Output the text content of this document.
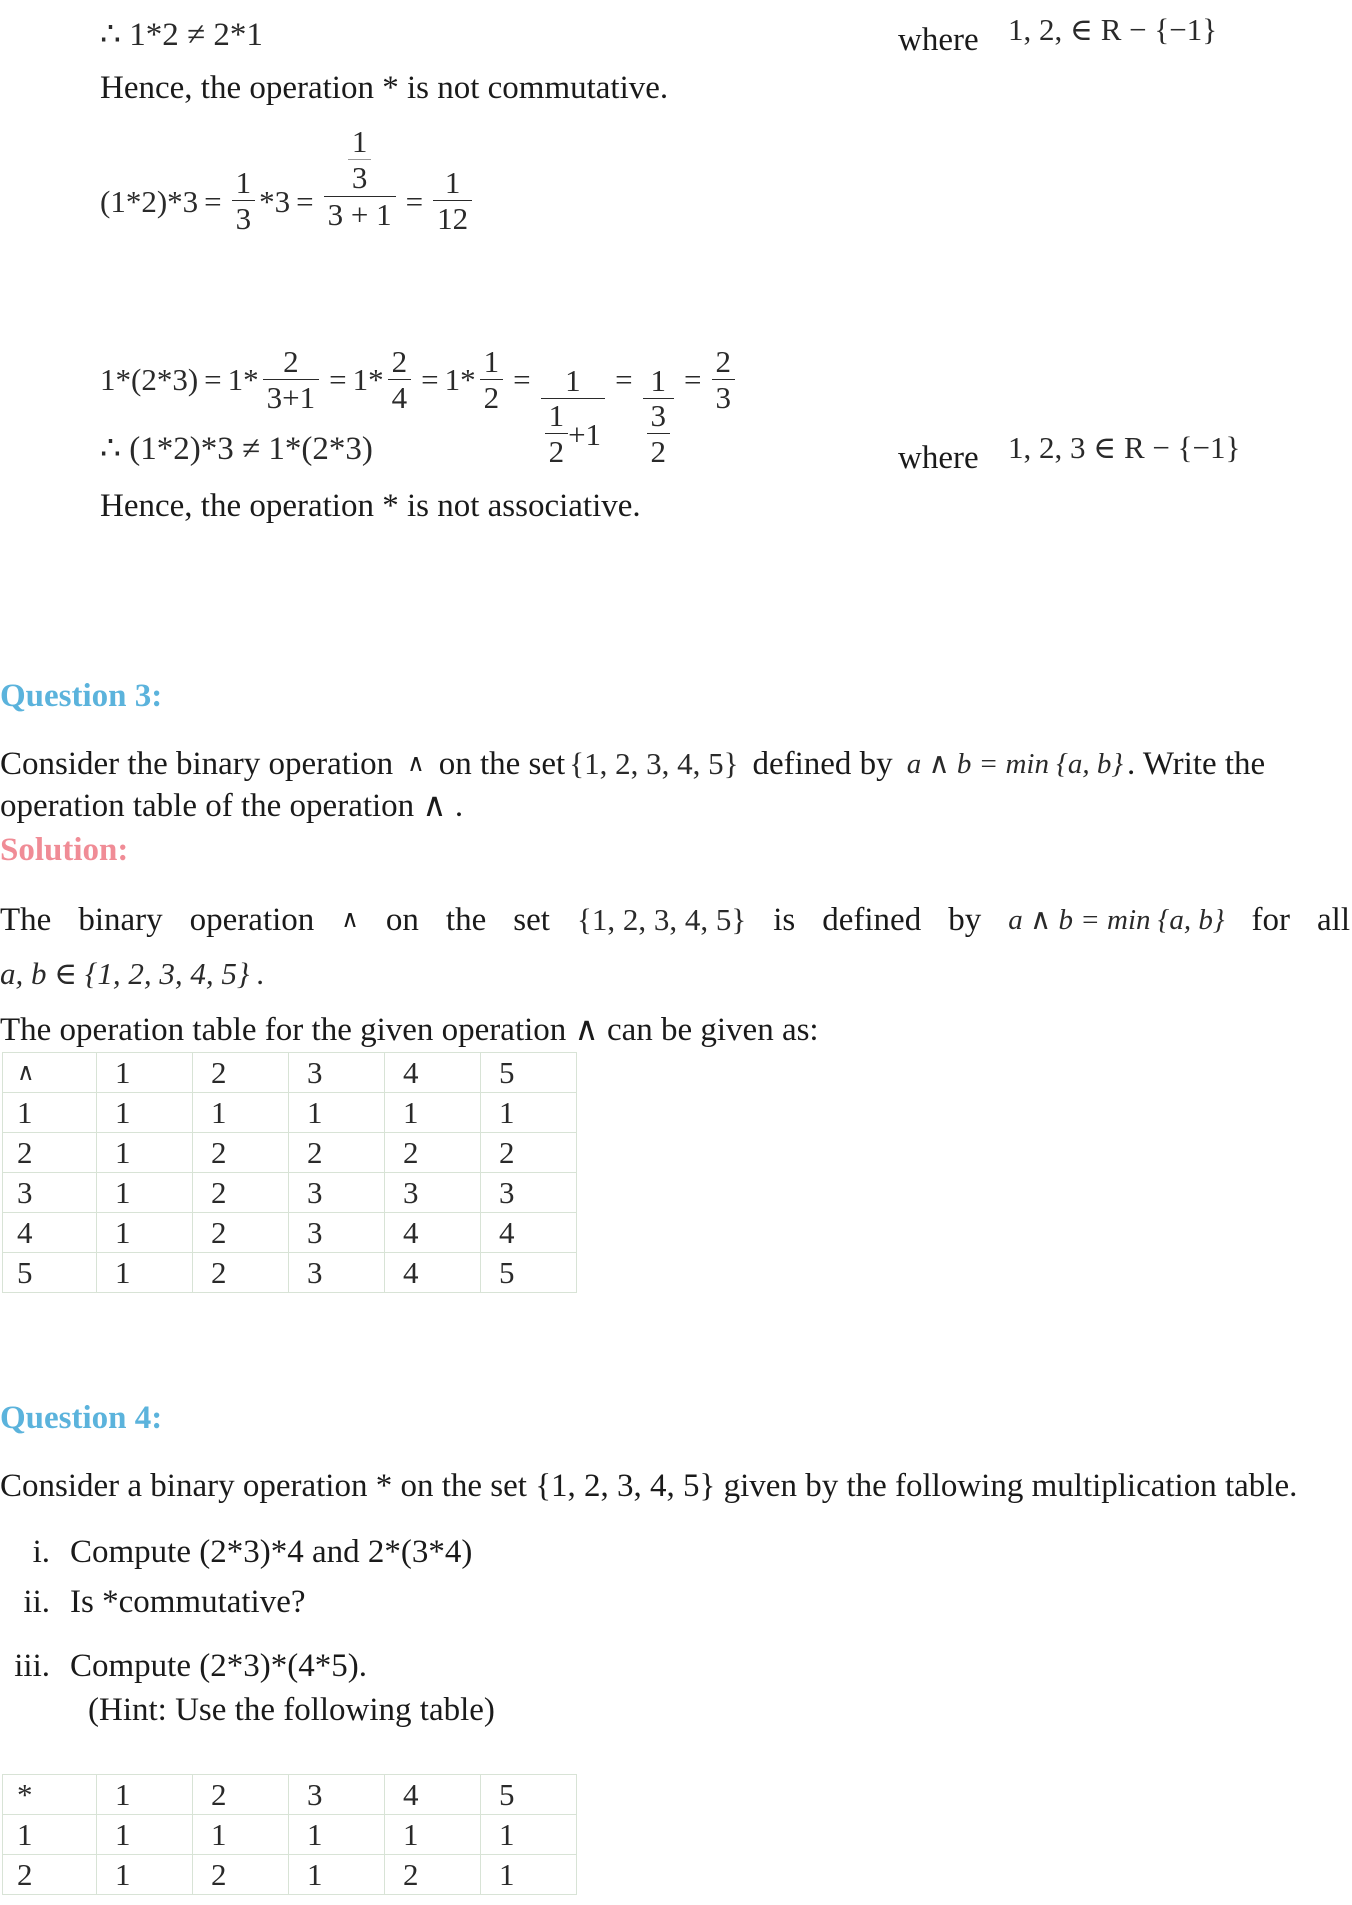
∴ 1*2 ≠ 2*1	where 1, 2, ∈ R − {−1}
Hence, the operation * is not commutative.
$(1*2)*3 = \frac{1}{3} *3 = \frac{\frac{1}{3}}{3 + 1} = \frac{1}{12}$
$1*(2*3) = 1* \frac{2}{3+1} = 1* \frac{2}{4} = 1* \frac{1}{2} = \frac{1}{\frac{1}{2} +1} = \frac{1}{\frac{3}{2}} = \frac{2}{3}$
∴ (1*2)*3 ≠ 1*(2*3)	where 1, 2, 3 ∈ R − {−1}
Hence, the operation * is not associative.
Question 3:
Consider the binary operation ∧ on the set {1, 2, 3, 4, 5} defined by a ∧ b = min {a, b} . Write the
operation table of the operation ∧ .
Solution:
The binary operation ∧ on the set {1, 2, 3, 4, 5} is defined by a ∧ b = min {a, b} for all
a, b ∈ {1, 2, 3, 4, 5} .
The operation table for the given operation ∧ can be given as:
∧	1	2	3	4	5
1	1	1	1	1	1
2	1	2	2	2	2
3	1	2	3	3	3
4	1	2	3	4	4
5	1	2	3	4	5
Question 4:
Consider a binary operation * on the set {1, 2, 3, 4, 5} given by the following multiplication table.
i. Compute (2*3)*4 and 2*(3*4)
ii. Is *commutative?
iii. Compute (2*3)*(4*5).
(Hint: Use the following table)
*	1	2	3	4	5
1	1	1	1	1	1
2	1	2	1	2	1
